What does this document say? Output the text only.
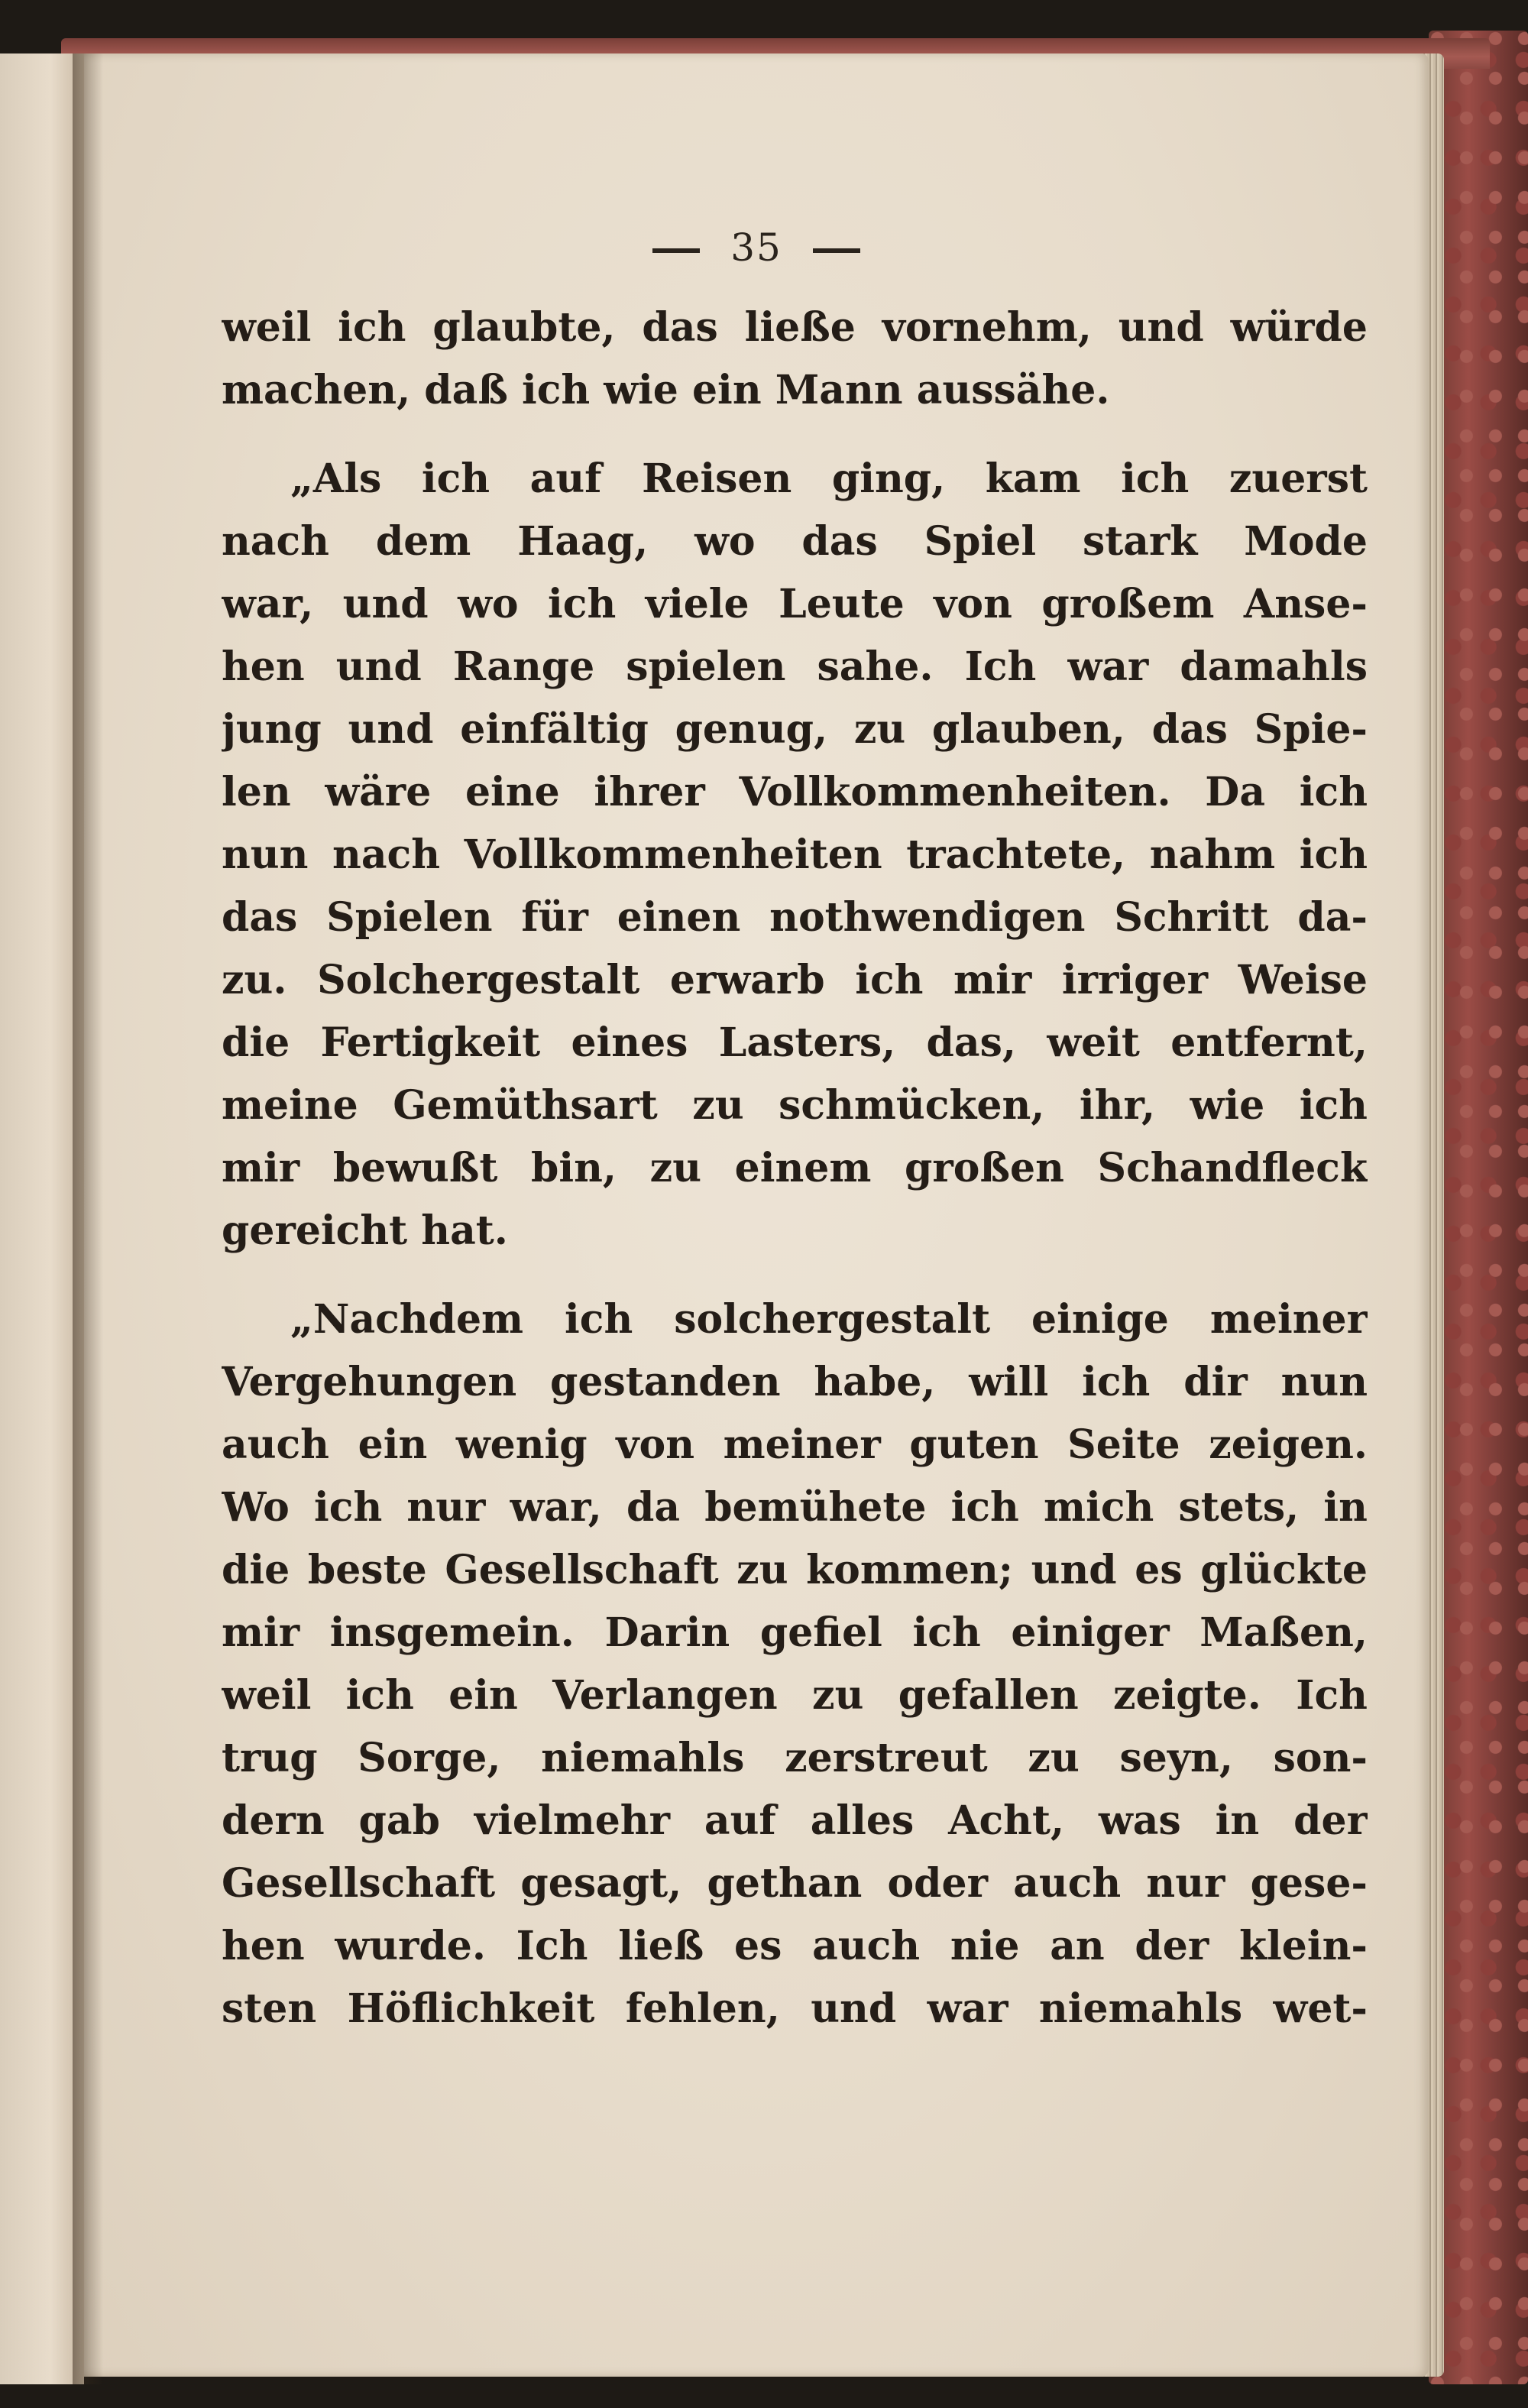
35
weil ich glaubte, das ließe vornehm, und würde
machen, daß ich wie ein Mann aussähe.
„Als ich auf Reisen ging, kam ich zuerst
nach dem Haag, wo das Spiel stark Mode
war, und wo ich viele Leute von großem Anse-
hen und Range spielen sahe. Ich war damahls
jung und einfältig genug, zu glauben, das Spie-
len wäre eine ihrer Vollkommenheiten. Da ich
nun nach Vollkommenheiten trachtete, nahm ich
das Spielen für einen nothwendigen Schritt da-
zu. Solchergestalt erwarb ich mir irriger Weise
die Fertigkeit eines Lasters, das, weit entfernt,
meine Gemüthsart zu schmücken, ihr, wie ich
mir bewußt bin, zu einem großen Schandfleck
gereicht hat.
„Nachdem ich solchergestalt einige meiner
Vergehungen gestanden habe, will ich dir nun
auch ein wenig von meiner guten Seite zeigen.
Wo ich nur war, da bemühete ich mich stets, in
die beste Gesellschaft zu kommen; und es glückte
mir insgemein. Darin gefiel ich einiger Maßen,
weil ich ein Verlangen zu gefallen zeigte. Ich
trug Sorge, niemahls zerstreut zu seyn, son-
dern gab vielmehr auf alles Acht, was in der
Gesellschaft gesagt, gethan oder auch nur gese-
hen wurde. Ich ließ es auch nie an der klein-
sten Höflichkeit fehlen, und war niemahls wet-
